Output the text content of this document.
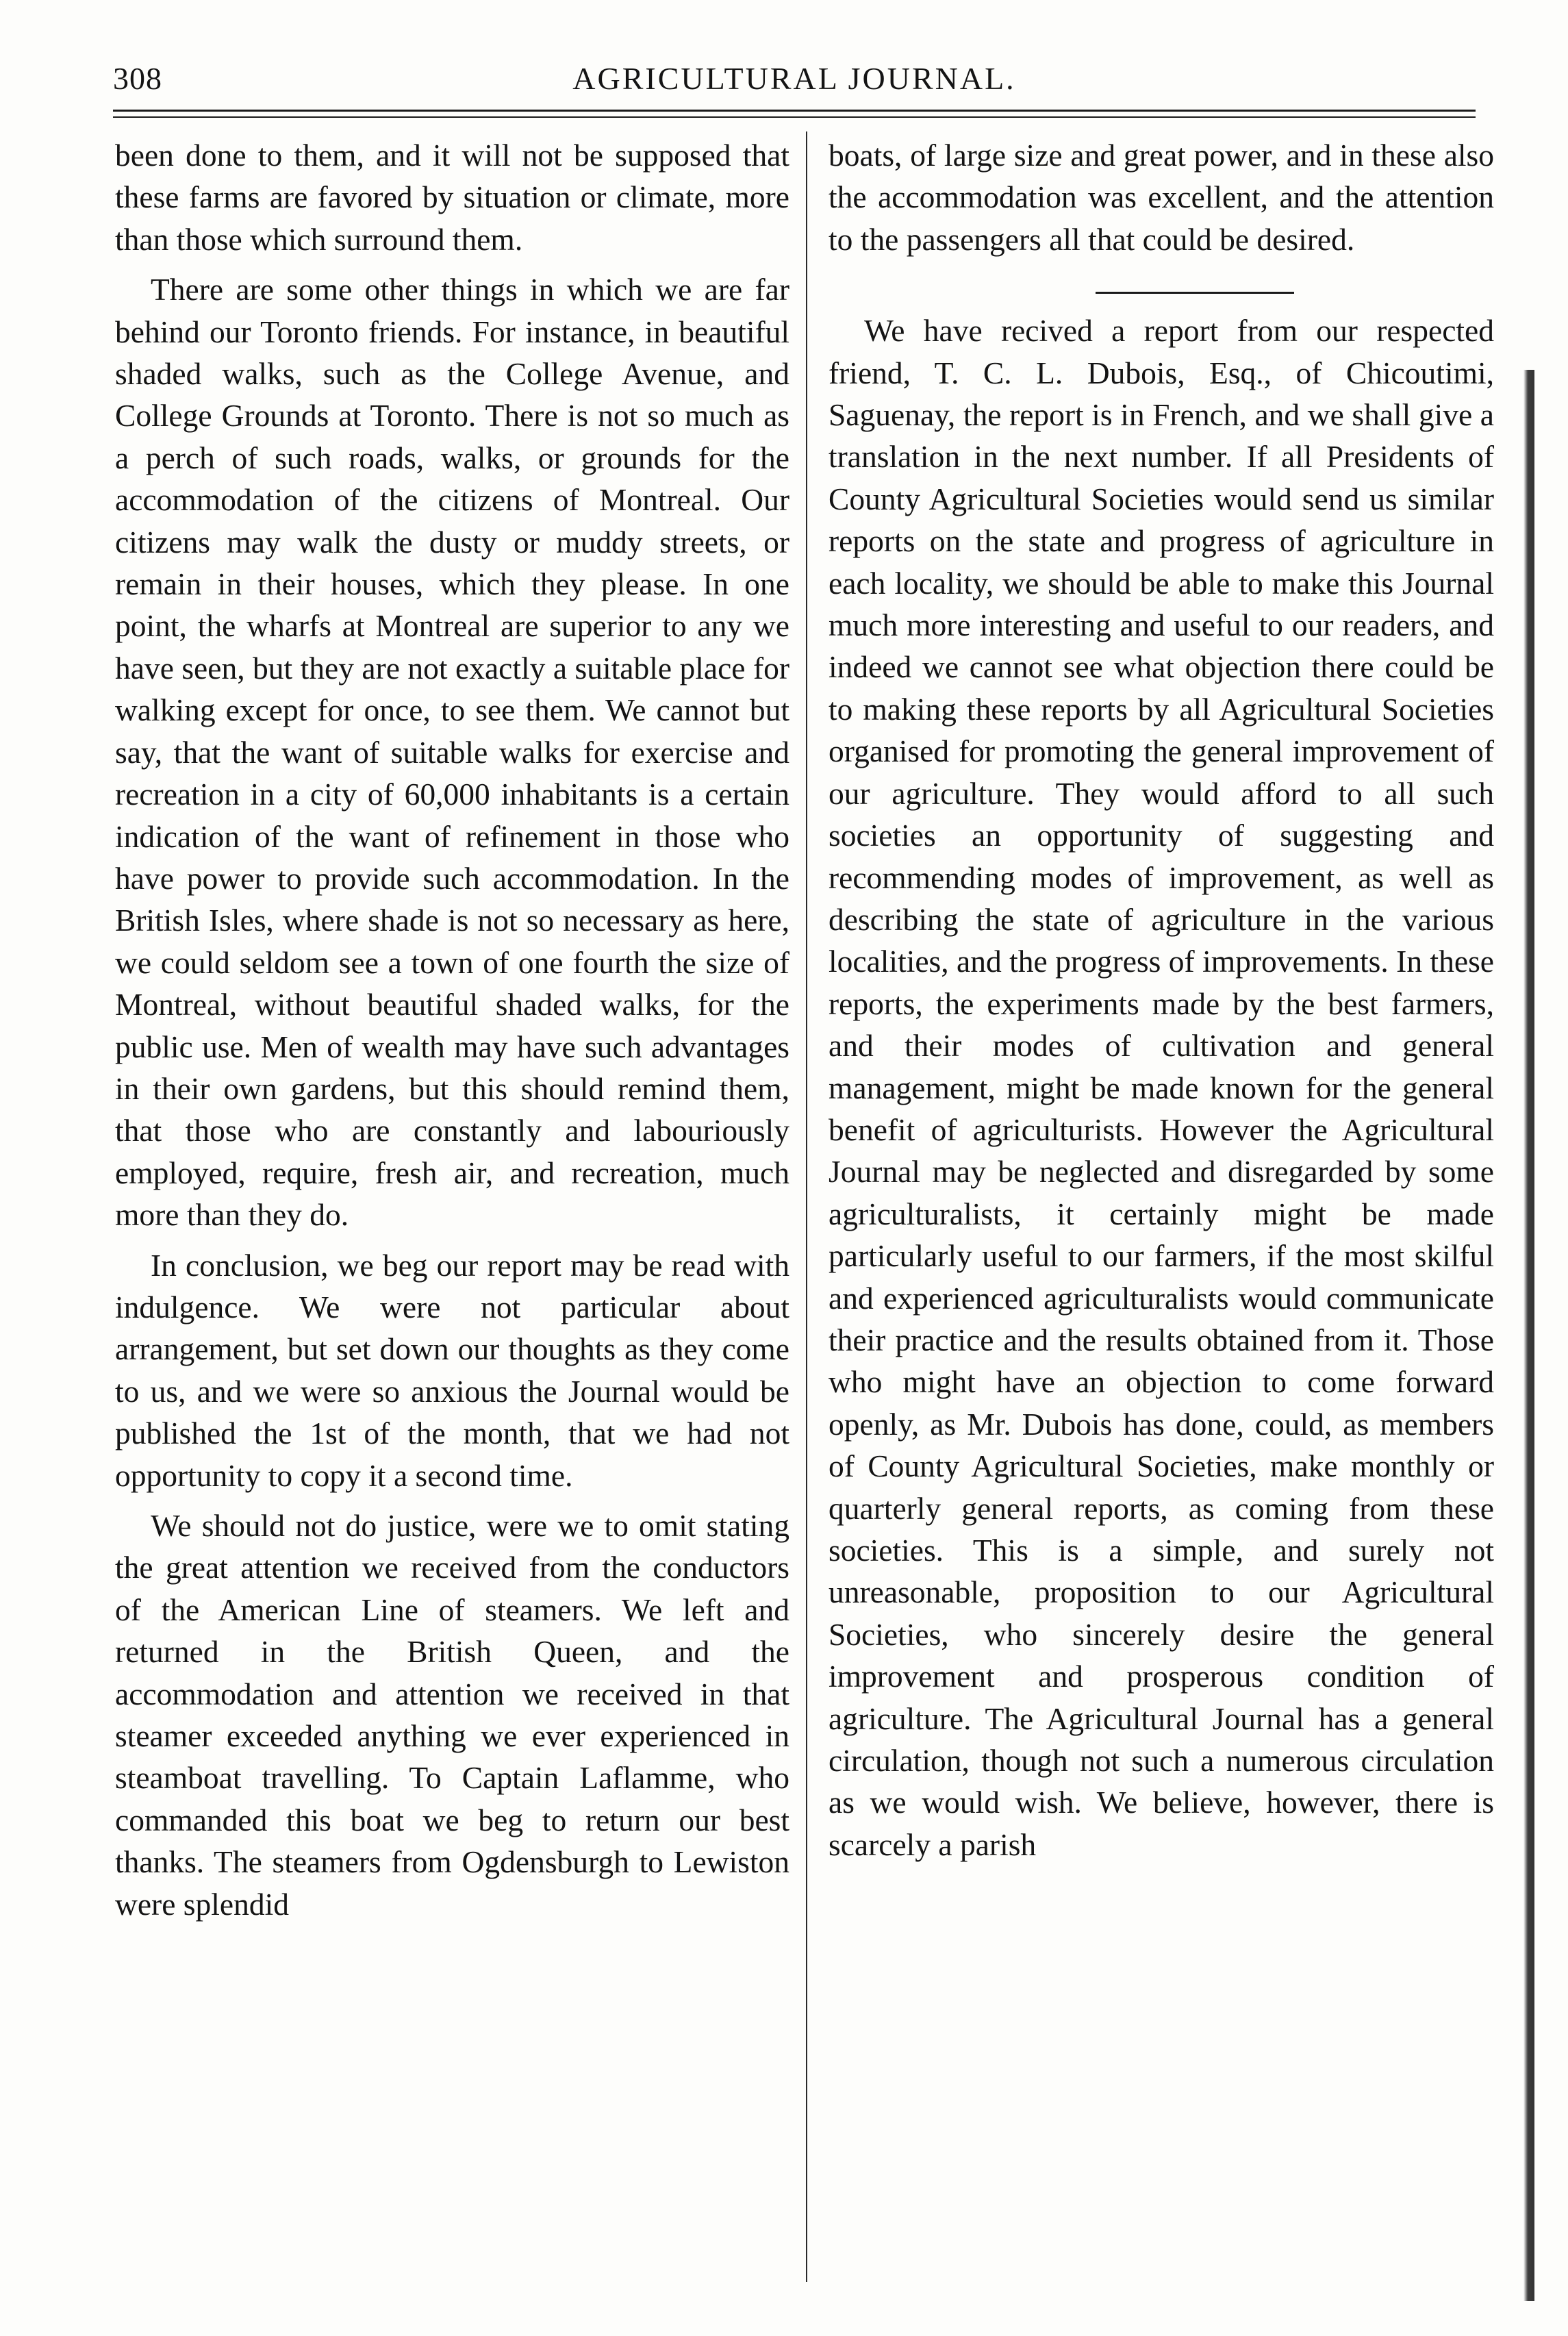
308	AGRICULTURAL JOURNAL.

been done to them, and it will not be supposed that these farms are favored by situation or climate, more than those which surround them.

There are some other things in which we are far behind our Toronto friends. For instance, in beautiful shaded walks, such as the College Avenue, and College Grounds at Toronto. There is not so much as a perch of such roads, walks, or grounds for the accommodation of the citizens of Montreal. Our citizens may walk the dusty or muddy streets, or remain in their houses, which they please. In one point, the wharfs at Montreal are superior to any we have seen, but they are not exactly a suitable place for walking except for once, to see them. We cannot but say, that the want of suitable walks for exercise and recreation in a city of 60,000 inhabitants is a certain indication of the want of refinement in those who have power to provide such accommodation. In the British Isles, where shade is not so necessary as here, we could seldom see a town of one fourth the size of Montreal, without beautiful shaded walks, for the public use. Men of wealth may have such advantages in their own gardens, but this should remind them, that those who are constantly and labouriously employed, require, fresh air, and recreation, much more than they do.

In conclusion, we beg our report may be read with indulgence. We were not particular about arrangement, but set down our thoughts as they come to us, and we were so anxious the Journal would be published the 1st of the month, that we had not opportunity to copy it a second time.

We should not do justice, were we to omit stating the great attention we received from the conductors of the American Line of steamers. We left and returned in the British Queen, and the accommodation and attention we received in that steamer exceeded anything we ever experienced in steamboat travelling. To Captain Laflamme, who commanded this boat we beg to return our best thanks. The steamers from Ogdensburgh to Lewiston were splendid

boats, of large size and great power, and in these also the accommodation was excellent, and the attention to the passengers all that could be desired.

We have recived a report from our respected friend, T. C. L. Dubois, Esq., of Chicoutimi, Saguenay, the report is in French, and we shall give a translation in the next number. If all Presidents of County Agricultural Societies would send us similar reports on the state and progress of agriculture in each locality, we should be able to make this Journal much more interesting and useful to our readers, and indeed we cannot see what objection there could be to making these reports by all Agricultural Societies organised for promoting the general improvement of our agriculture. They would afford to all such societies an opportunity of suggesting and recommending modes of improvement, as well as describing the state of agriculture in the various localities, and the progress of improvements. In these reports, the experiments made by the best farmers, and their modes of cultivation and general management, might be made known for the general benefit of agriculturists. However the Agricultural Journal may be neglected and disregarded by some agriculturalists, it certainly might be made particularly useful to our farmers, if the most skilful and experienced agriculturalists would communicate their practice and the results obtained from it. Those who might have an objection to come forward openly, as Mr. Dubois has done, could, as members of County Agricultural Societies, make monthly or quarterly general reports, as coming from these societies. This is a simple, and surely not unreasonable, proposition to our Agricultural Societies, who sincerely desire the general improvement and prosperous condition of agriculture. The Agricultural Journal has a general circulation, though not such a numerous circulation as we would wish. We believe, however, there is scarcely a parish
